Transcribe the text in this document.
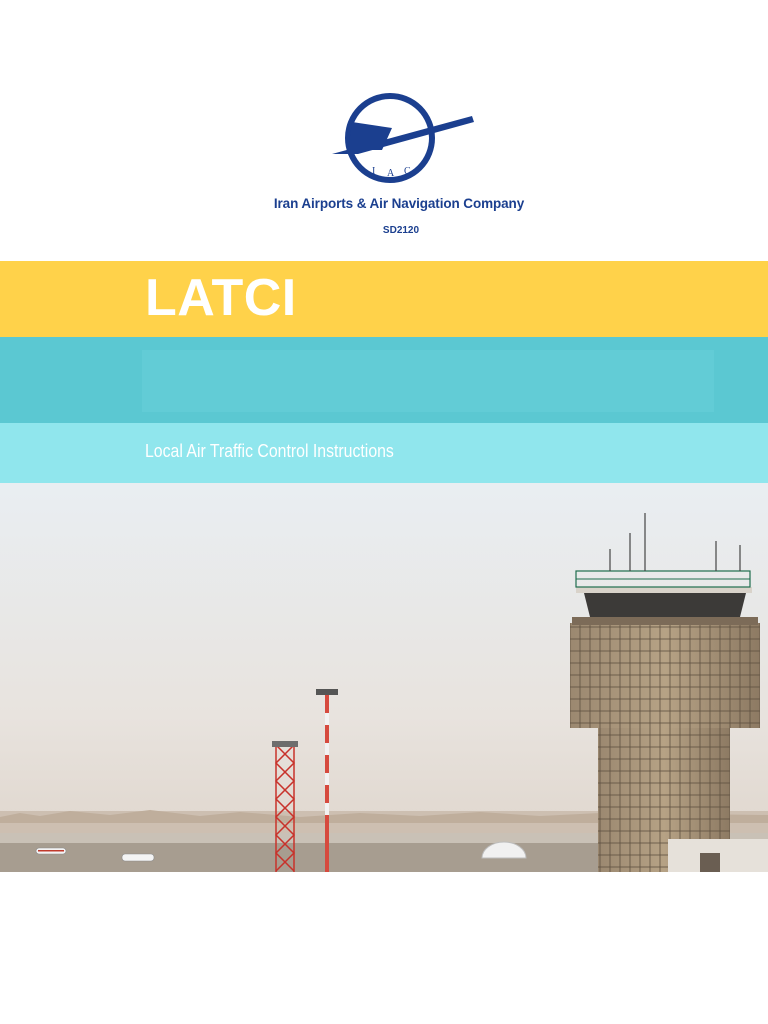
I A C
Iran Airports & Air Navigation Company
SD2120
LATCI
Local Air Traffic Control Instructions
